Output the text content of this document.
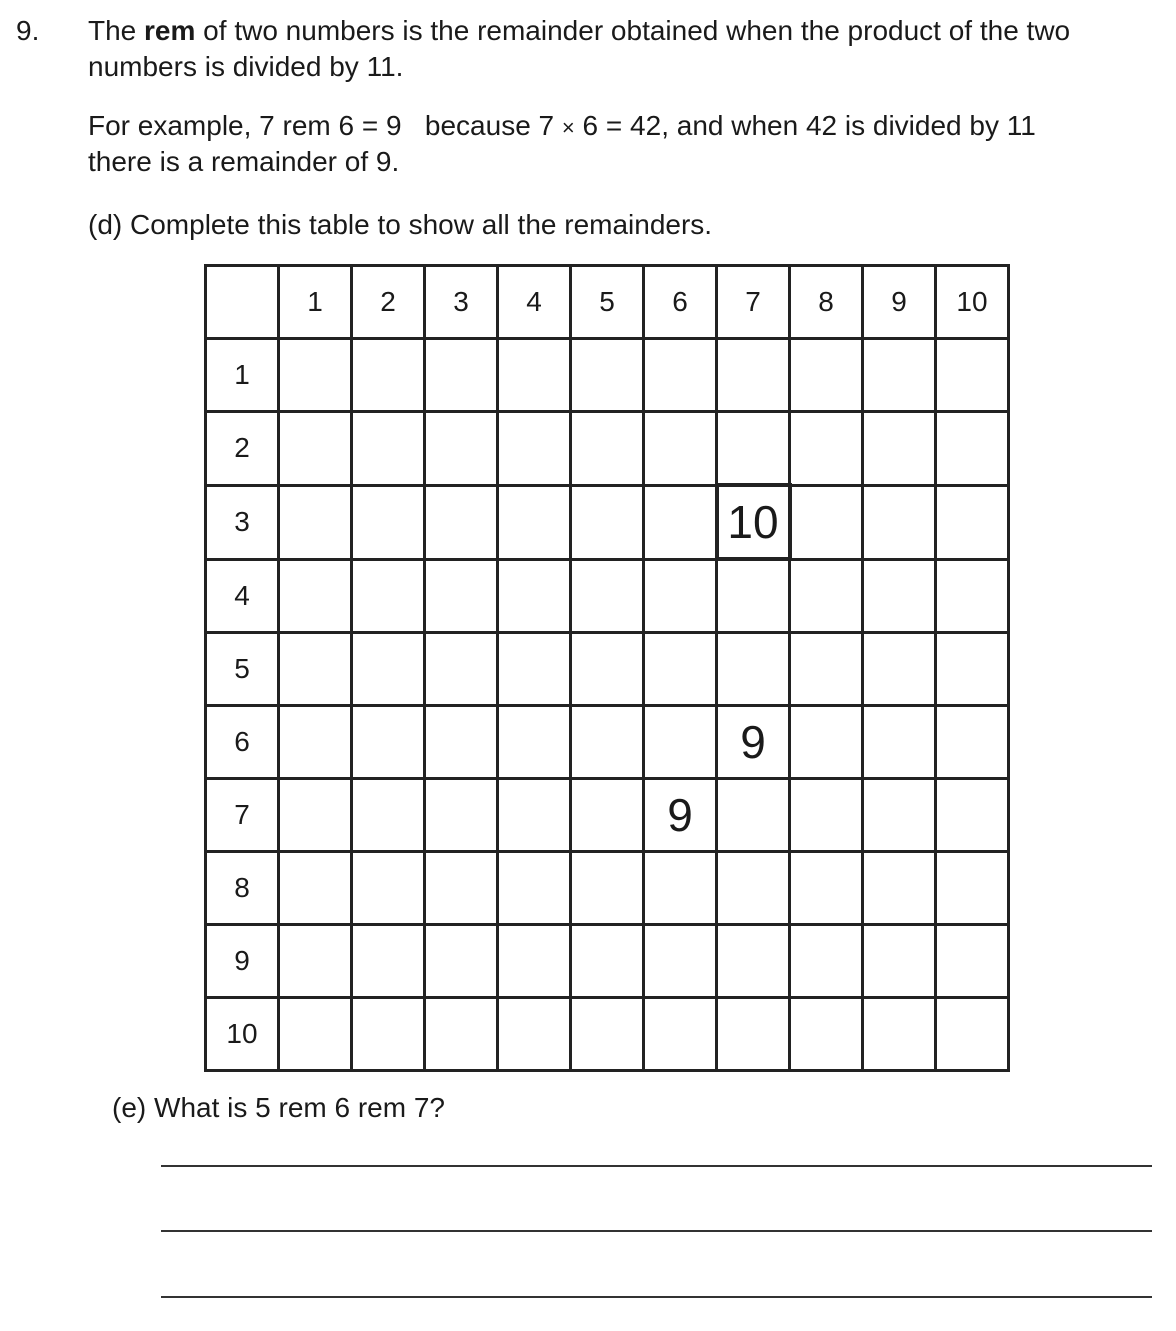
9. The rem of two numbers is the remainder obtained when the product of the two
numbers is divided by 11.
For example, 7 rem 6 = 9   because 7 × 6 = 42, and when 42 is divided by 11
there is a remainder of 9.
(d) Complete this table to show all the remainders.
	1	2	3	4	5	6	7	8	9	10
1										
2										
3							10			
4										
5										
6							9			
7						9				
8										
9										
10										
(e) What is 5 rem 6 rem 7?
